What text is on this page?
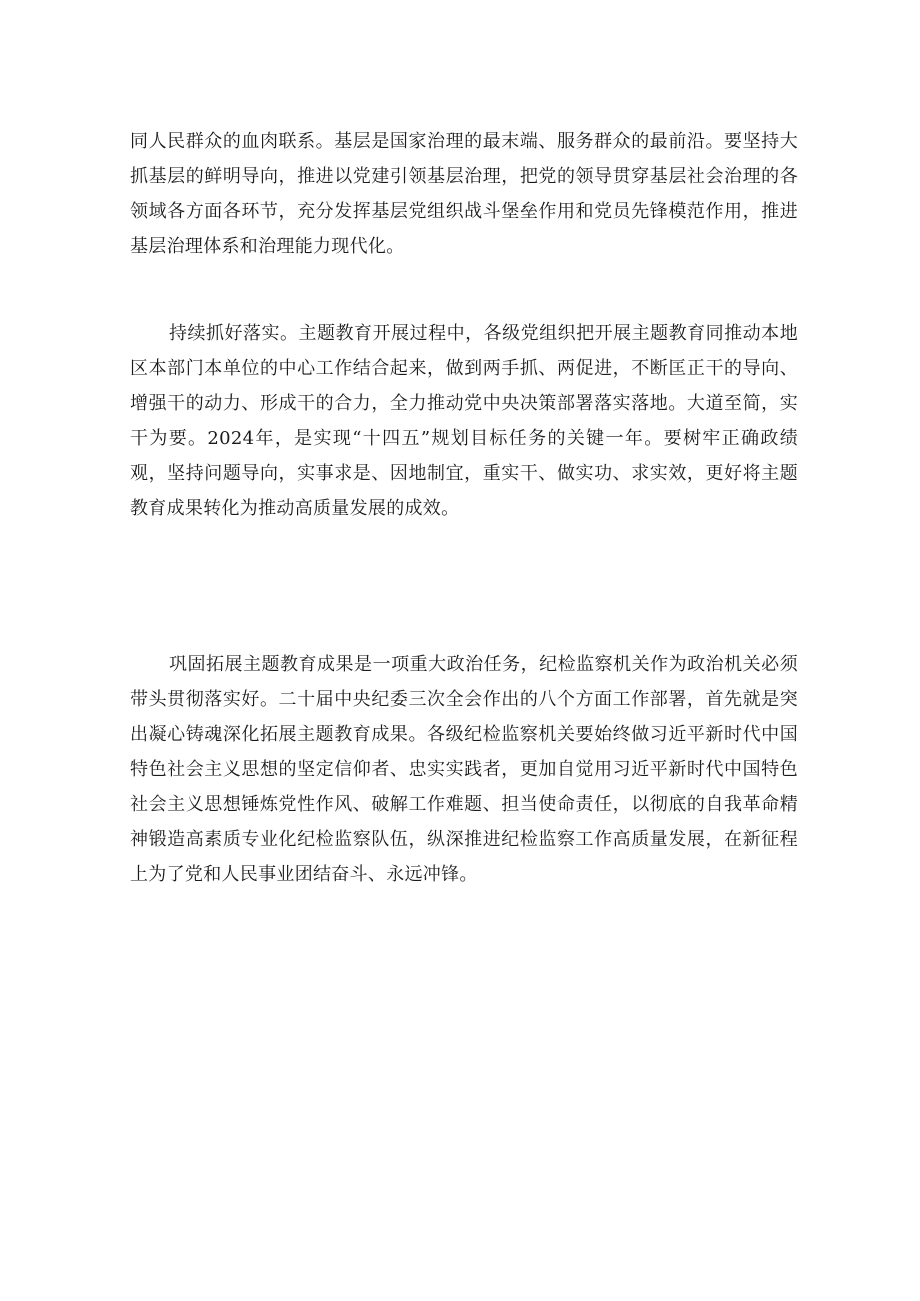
同人民群众的血肉联系。基层是国家治理的最末端、服务群众的最前沿。要坚持大抓基层的鲜明导向，推进以党建引领基层治理，把党的领导贯穿基层社会治理的各领域各方面各环节，充分发挥基层党组织战斗堡垒作用和党员先锋模范作用，推进基层治理体系和治理能力现代化。

持续抓好落实。主题教育开展过程中，各级党组织把开展主题教育同推动本地区本部门本单位的中心工作结合起来，做到两手抓、两促进，不断匡正干的导向、增强干的动力、形成干的合力，全力推动党中央决策部署落实落地。大道至简，实干为要。2024年，是实现“十四五”规划目标任务的关键一年。要树牢正确政绩观，坚持问题导向，实事求是、因地制宜，重实干、做实功、求实效，更好将主题教育成果转化为推动高质量发展的成效。

巩固拓展主题教育成果是一项重大政治任务，纪检监察机关作为政治机关必须带头贯彻落实好。二十届中央纪委三次全会作出的八个方面工作部署，首先就是突出凝心铸魂深化拓展主题教育成果。各级纪检监察机关要始终做习近平新时代中国特色社会主义思想的坚定信仰者、忠实实践者，更加自觉用习近平新时代中国特色社会主义思想锤炼党性作风、破解工作难题、担当使命责任，以彻底的自我革命精神锻造高素质专业化纪检监察队伍，纵深推进纪检监察工作高质量发展，在新征程上为了党和人民事业团结奋斗、永远冲锋。
